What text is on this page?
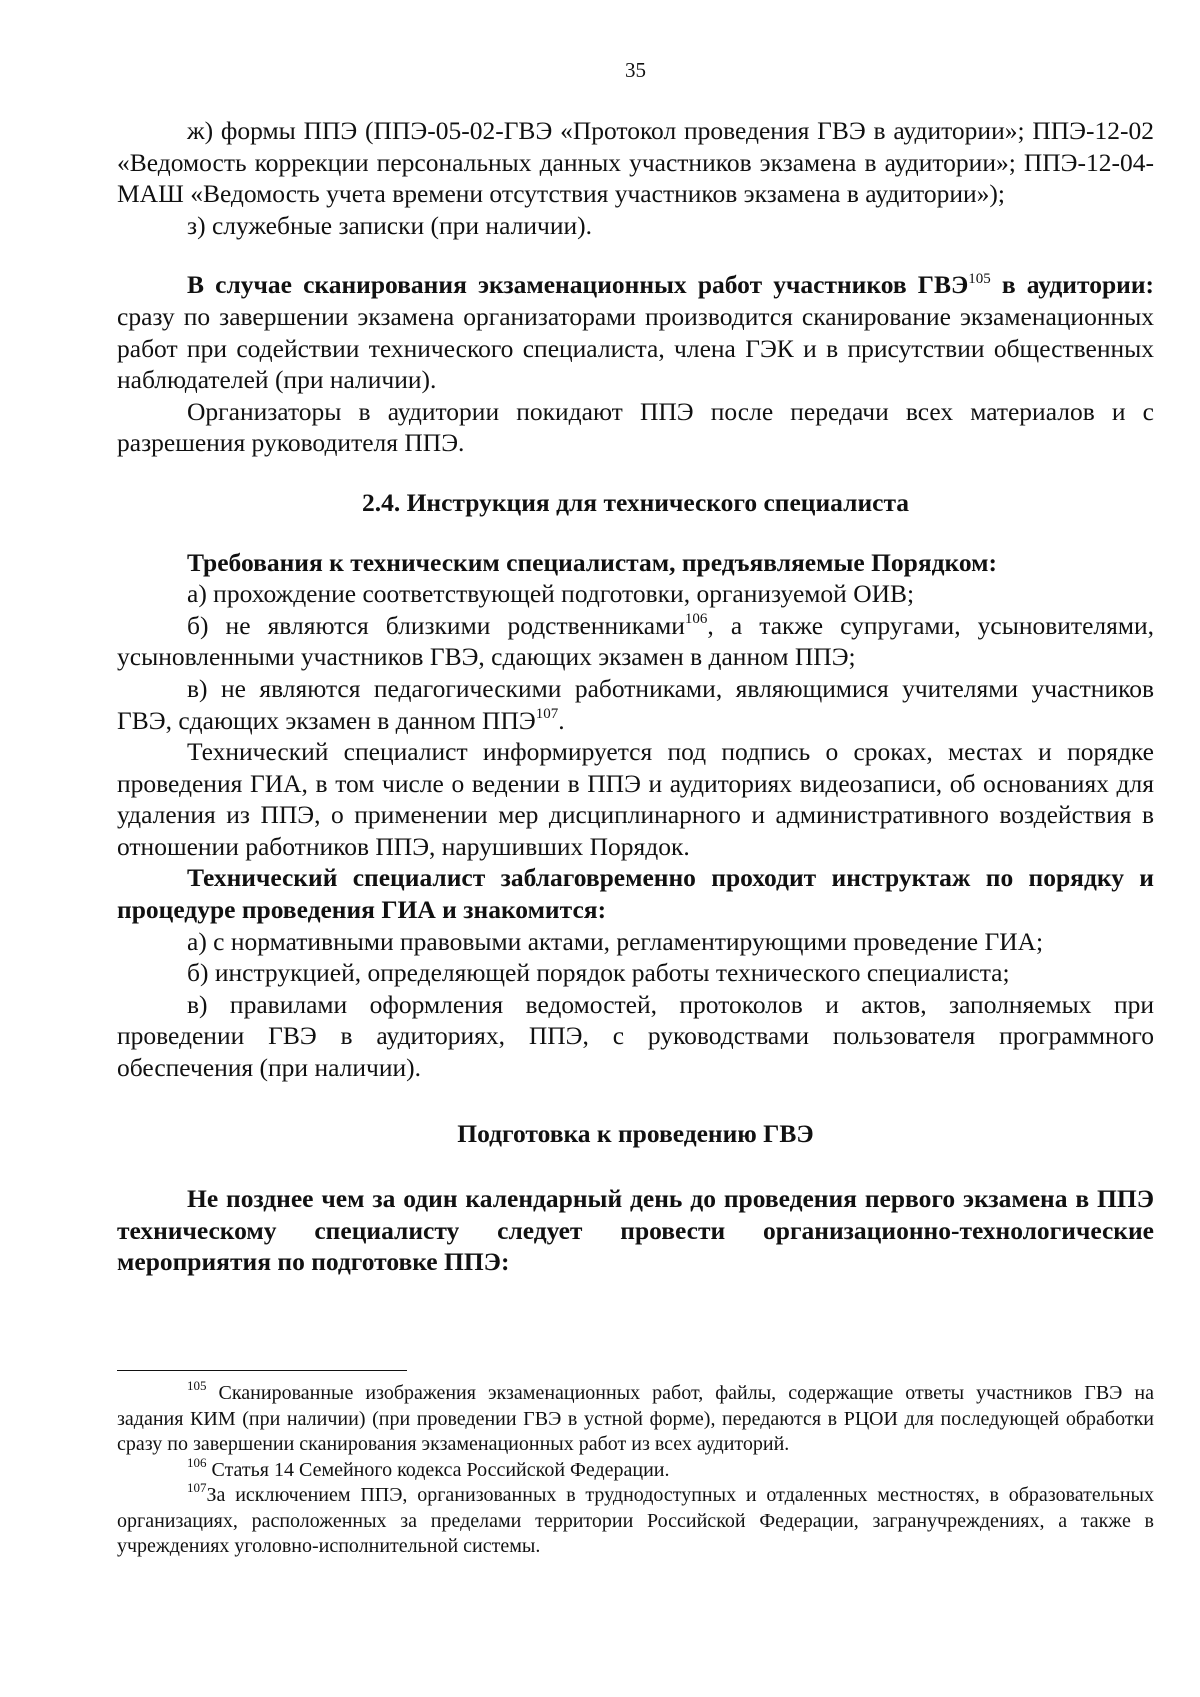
35

ж) формы ППЭ (ППЭ-05-02-ГВЭ «Протокол проведения ГВЭ в аудитории»; ППЭ-12-02 «Ведомость коррекции персональных данных участников экзамена в аудитории»; ППЭ-12-04-МАШ «Ведомость учета времени отсутствия участников экзамена в аудитории»);

з) служебные записки (при наличии).

В случае сканирования экзаменационных работ участников ГВЭ$^{105}$ в аудитории: сразу по завершении экзамена организаторами производится сканирование экзаменационных работ при содействии технического специалиста, члена ГЭК и в присутствии общественных наблюдателей (при наличии).

Организаторы в аудитории покидают ППЭ после передачи всех материалов и с разрешения руководителя ППЭ.

2.4. Инструкция для технического специалиста

Требования к техническим специалистам, предъявляемые Порядком:

а) прохождение соответствующей подготовки, организуемой ОИВ;

б) не являются близкими родственниками$^{106}$, а также супругами, усыновителями, усыновленными участников ГВЭ, сдающих экзамен в данном ППЭ;

в) не являются педагогическими работниками, являющимися учителями участников ГВЭ, сдающих экзамен в данном ППЭ$^{107}$.

Технический специалист информируется под подпись о сроках, местах и порядке проведения ГИА, в том числе о ведении в ППЭ и аудиториях видеозаписи, об основаниях для удаления из ППЭ, о применении мер дисциплинарного и административного воздействия в отношении работников ППЭ, нарушивших Порядок.

Технический специалист заблаговременно проходит инструктаж по порядку и процедуре проведения ГИА и знакомится:

а) с нормативными правовыми актами, регламентирующими проведение ГИА;

б) инструкцией, определяющей порядок работы технического специалиста;

в) правилами оформления ведомостей, протоколов и актов, заполняемых при проведении ГВЭ в аудиториях, ППЭ, с руководствами пользователя программного обеспечения (при наличии).

Подготовка к проведению ГВЭ

Не позднее чем за один календарный день до проведения первого экзамена в ППЭ техническому специалисту следует провести организационно-технологические мероприятия по подготовке ППЭ:

$^{105}$ Сканированные изображения экзаменационных работ, файлы, содержащие ответы участников ГВЭ на задания КИМ (при наличии) (при проведении ГВЭ в устной форме), передаются в РЦОИ для последующей обработки сразу по завершении сканирования экзаменационных работ из всех аудиторий.

$^{106}$ Статья 14 Семейного кодекса Российской Федерации.

$^{107}$За исключением ППЭ, организованных в труднодоступных и отдаленных местностях, в образовательных организациях, расположенных за пределами территории Российской Федерации, загранучреждениях, а также в учреждениях уголовно-исполнительной системы.
